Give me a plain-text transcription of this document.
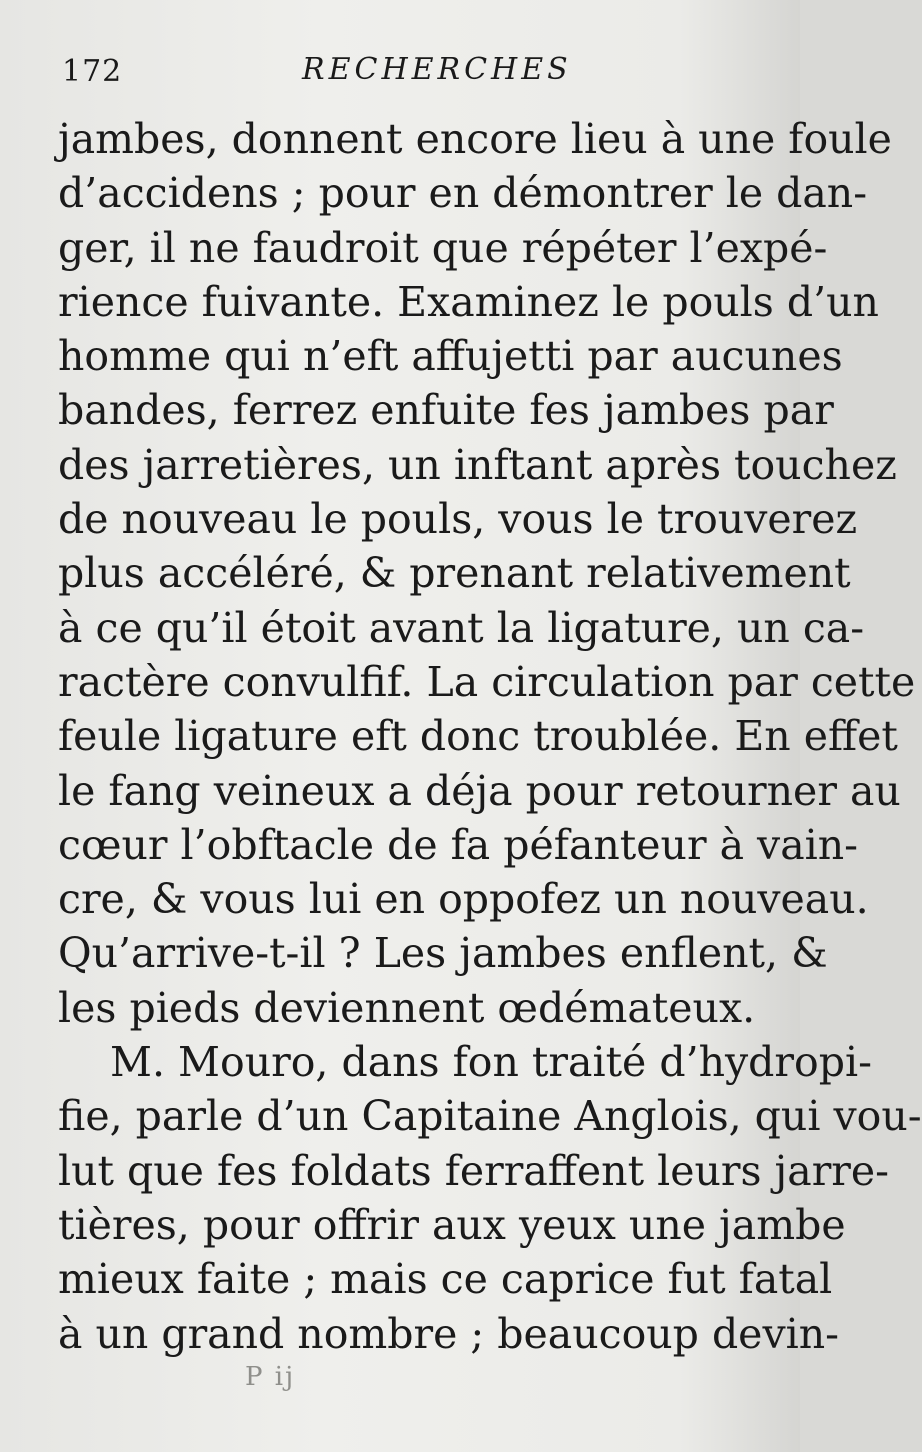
172	RECHERCHES
jambes, donnent encore lieu à une foule
d’accidens ; pour en démontrer le dan-
ger, il ne faudroit que répéter l’expé-
rience fuivante. Examinez le pouls d’un
homme qui n’eft affujetti par aucunes
bandes, ferrez enfuite fes jambes par
des jarretières, un inftant après touchez
de nouveau le pouls, vous le trouverez
plus accéléré, & prenant relativement
à ce qu’il étoit avant la ligature, un ca-
ractère convulfif. La circulation par cette
feule ligature eft donc troublée. En effet
le fang veineux a déja pour retourner au
cœur l’obftacle de fa péfanteur à vain-
cre, & vous lui en oppofez un nouveau.
Qu’arrive-t-il ? Les jambes enflent, &
les pieds deviennent œdémateux.
M. Mouro, dans fon traité d’hydropi-
fie, parle d’un Capitaine Anglois, qui vou-
lut que fes foldats ferraffent leurs jarre-
tières, pour offrir aux yeux une jambe
mieux faite ; mais ce caprice fut fatal
à un grand nombre ; beaucoup devin-
P ij
